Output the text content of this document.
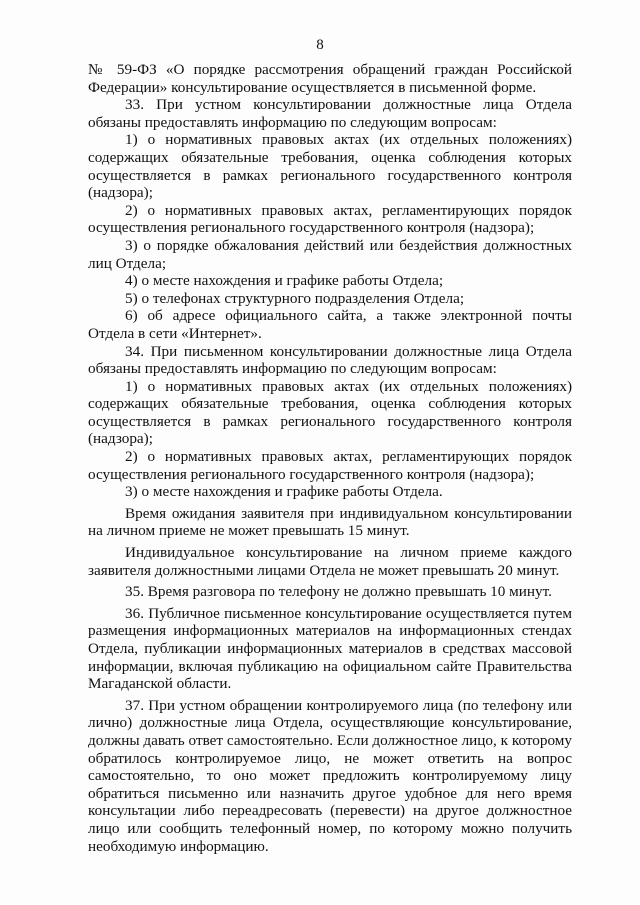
8

№ 59-ФЗ «О порядке рассмотрения обращений граждан Российской Федерации» консультирование осуществляется в письменной форме.

33. При устном консультировании должностные лица Отдела обязаны предоставлять информацию по следующим вопросам:

1) о нормативных правовых актах (их отдельных положениях) содержащих обязательные требования, оценка соблюдения которых осуществляется в рамках регионального государственного контроля (надзора);

2) о нормативных правовых актах, регламентирующих порядок осуществления регионального государственного контроля (надзора);

3) о порядке обжалования действий или бездействия должностных лиц Отдела;

4) о месте нахождения и графике работы Отдела;

5) о телефонах структурного подразделения Отдела;

6) об адресе официального сайта, а также электронной почты Отдела в сети «Интернет».

34. При письменном консультировании должностные лица Отдела обязаны предоставлять информацию по следующим вопросам:

1) о нормативных правовых актах (их отдельных положениях) содержащих обязательные требования, оценка соблюдения которых осуществляется в рамках регионального государственного контроля (надзора);

2) о нормативных правовых актах, регламентирующих порядок осуществления регионального государственного контроля (надзора);

3) о месте нахождения и графике работы Отдела.

Время ожидания заявителя при индивидуальном консультировании на личном приеме не может превышать 15 минут.

Индивидуальное консультирование на личном приеме каждого заявителя должностными лицами Отдела не может превышать 20 минут.

35. Время разговора по телефону не должно превышать 10 минут.

36. Публичное письменное консультирование осуществляется путем размещения информационных материалов на информационных стендах Отдела, публикации информационных материалов в средствах массовой информации, включая публикацию на официальном сайте Правительства Магаданской области.

37. При устном обращении контролируемого лица (по телефону или лично) должностные лица Отдела, осуществляющие консультирование, должны давать ответ самостоятельно. Если должностное лицо, к которому обратилось контролируемое лицо, не может ответить на вопрос самостоятельно, то оно может предложить контролируемому лицу обратиться письменно или назначить другое удобное для него время консультации либо переадресовать (перевести) на другое должностное лицо или сообщить телефонный номер, по которому можно получить необходимую информацию.
